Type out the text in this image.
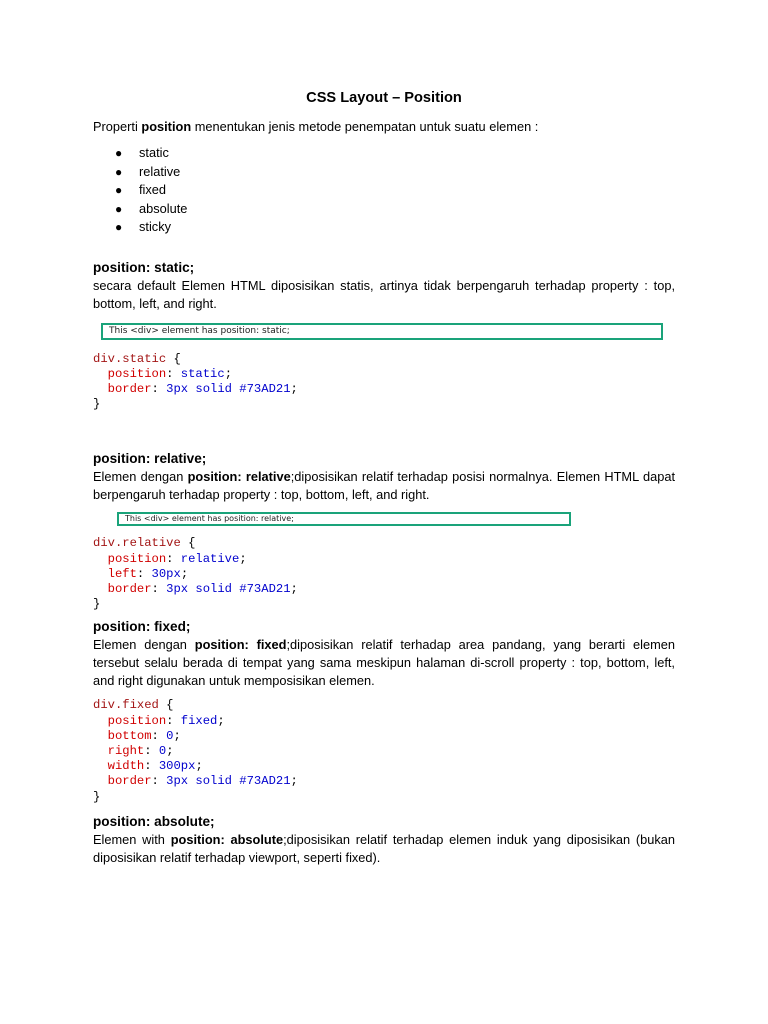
CSS Layout – Position

Properti position menentukan jenis metode penempatan untuk suatu elemen :

● static
● relative
● fixed
● absolute
● sticky

position: static;

secara default Elemen HTML diposisikan statis, artinya tidak berpengaruh terhadap property : top, bottom, left, and right.

This <div> element has position: static;
div.static {
position: static;
border: 3px solid #73AD21;
}

position: relative;

Elemen dengan position: relative;diposisikan relatif terhadap posisi normalnya. Elemen HTML dapat berpengaruh terhadap property : top, bottom, left, and right.

This <div> element has position: relative;
div.relative {
position: relative;
left: 30px;
border: 3px solid #73AD21;
}

position: fixed;

Elemen dengan position: fixed;diposisikan relatif terhadap area pandang, yang berarti elemen tersebut selalu berada di tempat yang sama meskipun halaman di-scroll property : top, bottom, left, and right digunakan untuk memposisikan elemen.

div.fixed {
position: fixed;
bottom: 0;
right: 0;
width: 300px;
border: 3px solid #73AD21;
}

position: absolute;

Elemen with position: absolute;diposisikan relatif terhadap elemen induk yang diposisikan (bukan diposisikan relatif terhadap viewport, seperti fixed).
